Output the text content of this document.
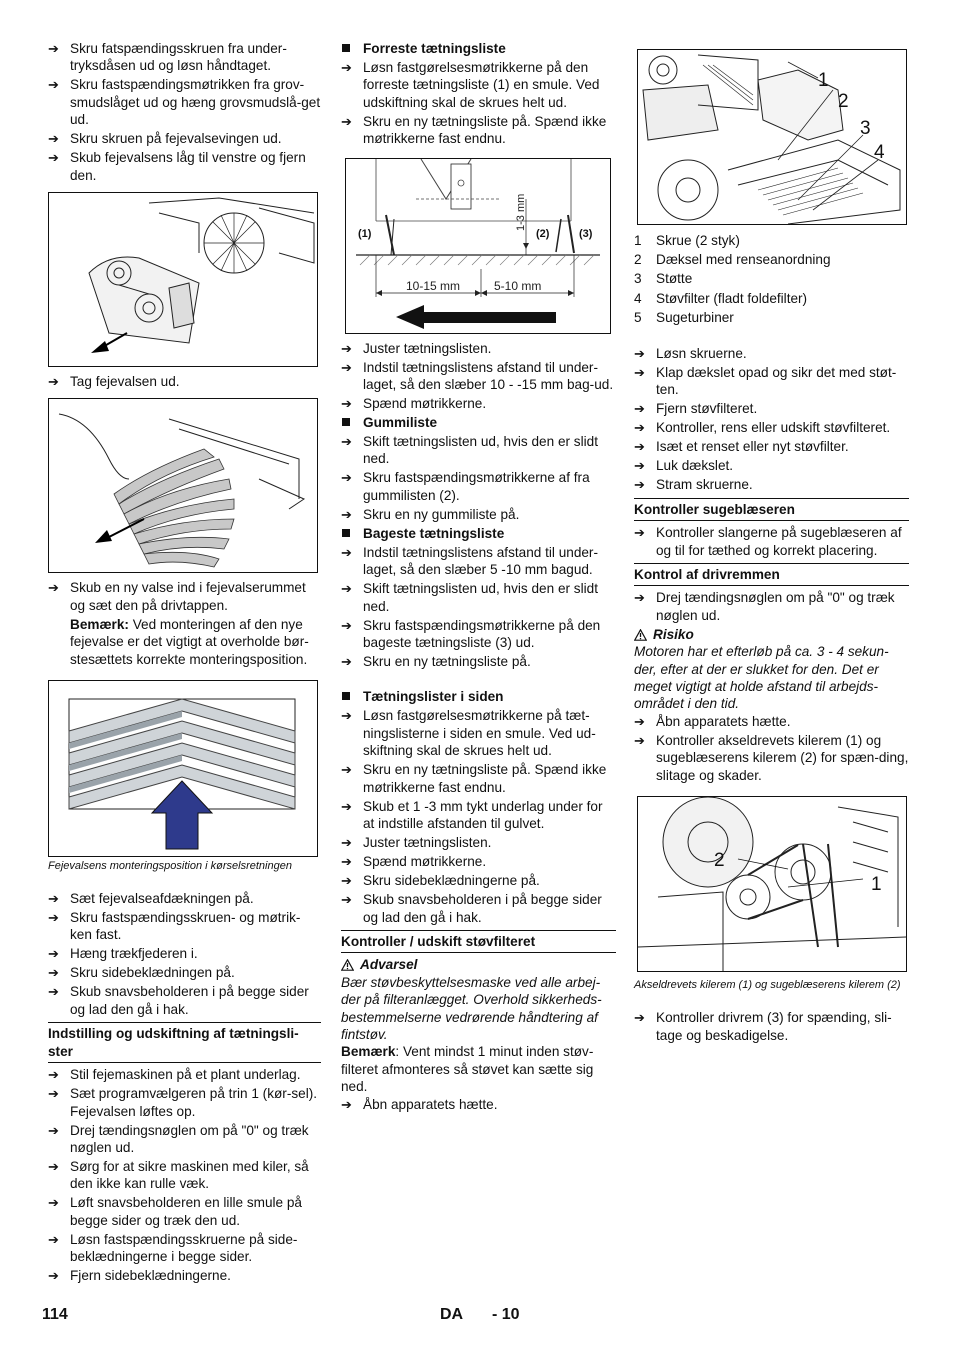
➔ Skru fatspændingsskruen fra under-tryksdåsen ud og løsn håndtaget.
➔ Skru fastspændingsmøtrikken fra grov-smudslåget ud og hæng grovsmudslå-get ud.
➔ Skru skruen på fejevalsevingen ud.
➔ Skub fejevalsens låg til venstre og fjern den.
➔ Tag fejevalsen ud.
➔ Skub en ny valse ind i fejevalserummet og sæt den på drivtappen.
Bemærk: Ved monteringen af den nye fejevalse er det vigtigt at overholde bør-stesættets korrekte monteringsposition.
Fejevalsens monteringsposition i kørselsretningen
➔ Sæt fejevalseafdækningen på.
➔ Skru fastspændingsskruen- og møtrik-ken fast.
➔ Hæng trækfjederen i.
➔ Skru sidebeklædningen på.
➔ Skub snavsbeholderen i på begge sider og lad den gå i hak.
Indstilling og udskiftning af tætningsli-ster
➔ Stil fejemaskinen på et plant underlag.
➔ Sæt programvælgeren på trin 1 (kør-sel). Fejevalsen løftes op.
➔ Drej tændingsnøglen om på "0" og træk nøglen ud.
➔ Sørg for at sikre maskinen med kiler, så den ikke kan rulle væk.
➔ Løft snavsbeholderen en lille smule på begge sider og træk den ud.
➔ Løsn fastspændingsskruerne på side-beklædningerne i begge sider.
➔ Fjern sidebeklædningerne.
Forreste tætningsliste
➔ Løsn fastgørelsesmøtrikkerne på den forreste tætningsliste (1) en smule. Ved udskiftning skal de skrues helt ud.
➔ Skru en ny tætningsliste på. Spænd ikke møtrikkerne fast endnu.
1-3 mm
(1)	(2)	(3)
10-15 mm	5-10 mm
➔ Juster tætningslisten.
➔ Indstil tætningslistens afstand til under-laget, så den slæber 10 - -15 mm bag-ud.
➔ Spænd møtrikkerne.
Gummiliste
➔ Skift tætningslisten ud, hvis den er slidt ned.
➔ Skru fastspændingsmøtrikkerne af fra gummilisten (2).
➔ Skru en ny gummiliste på.
Bageste tætningsliste
➔ Indstil tætningslistens afstand til under-laget, så den slæber 5 -10 mm bagud.
➔ Skift tætningslisten ud, hvis den er slidt ned.
➔ Skru fastspændingsmøtrikkerne på den bageste tætningsliste (3) ud.
➔ Skru en ny tætningsliste på.
Tætningslister i siden
➔ Løsn fastgørelsesmøtrikkerne på tæt-ningslisterne i siden en smule. Ved ud-skiftning skal de skrues helt ud.
➔ Skru en ny tætningsliste på. Spænd ikke møtrikkerne fast endnu.
➔ Skub et 1 -3 mm tykt underlag under for at indstille afstanden til gulvet.
➔ Juster tætningslisten.
➔ Spænd møtrikkerne.
➔ Skru sidebeklædningerne på.
➔ Skub snavsbeholderen i på begge sider og lad den gå i hak.
Kontroller / udskift støvfilteret
Advarsel
Bær støvbeskyttelsesmaske ved alle arbej-der på filteranlægget. Overhold sikkerheds-bestemmelserne vedrørende håndtering af fintstøv.
Bemærk: Vent mindst 1 minut inden støv-filteret afmonteres så støvet kan sætte sig ned.
➔ Åbn apparatets hætte.
1
2
3
4
1	Skrue (2 styk)
2	Dæksel med renseanordning
3	Støtte
4	Støvfilter (fladt foldefilter)
5	Sugeturbiner
➔ Løsn skruerne.
➔ Klap dækslet opad og sikr det med støt-ten.
➔ Fjern støvfilteret.
➔ Kontroller, rens eller udskift støvfilteret.
➔ Isæt et renset eller nyt støvfilter.
➔ Luk dækslet.
➔ Stram skruerne.
Kontroller sugeblæseren
➔ Kontroller slangerne på sugeblæseren af og til for tæthed og korrekt placering.
Kontrol af drivremmen
➔ Drej tændingsnøglen om på "0" og træk nøglen ud.
Risiko
Motoren har et efterløb på ca. 3 - 4 sekun-der, efter at der er slukket for den. Det er meget vigtigt at holde afstand til arbejds-området i den tid.
➔ Åbn apparatets hætte.
➔ Kontroller akseldrevets kilerem (1) og sugeblæserens kilerem (2) for spæn-ding, slitage og skader.
2
1
Akseldrevets kilerem (1) og sugeblæserens kilerem (2)
➔ Kontroller drivrem (3) for spænding, sli-tage og beskadigelse.
114	DA - 10
